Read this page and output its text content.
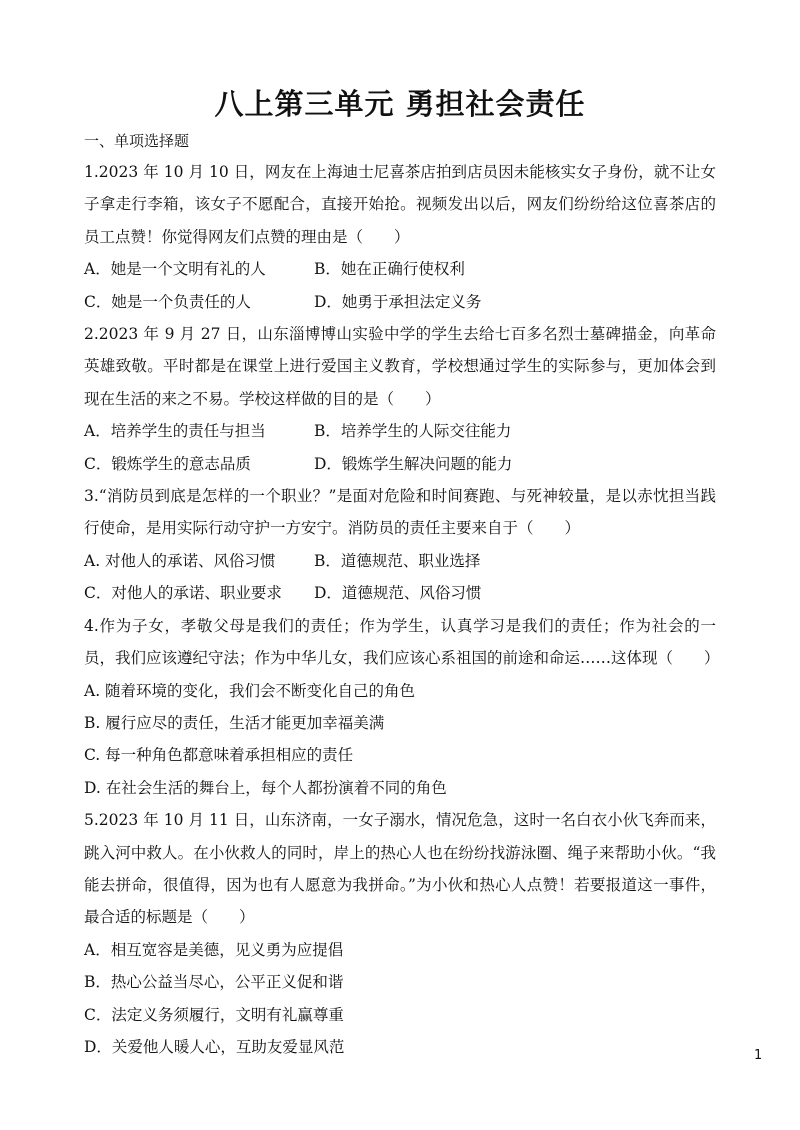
八上第三单元 勇担社会责任
一、单项选择题
1.2023 年 10 月 10 日，网友在上海迪士尼喜茶店拍到店员因未能核实女子身份，就不让女子拿走行李箱，该女子不愿配合，直接开始抢。视频发出以后，网友们纷纷给这位喜茶店的员工点赞！你觉得网友们点赞的理由是（　　）
A．她是一个文明有礼的人	B．她在正确行使权利
C．她是一个负责任的人	D．她勇于承担法定义务
2.2023 年 9 月 27 日，山东淄博博山实验中学的学生去给七百多名烈士墓碑描金，向革命英雄致敬。平时都是在课堂上进行爱国主义教育，学校想通过学生的实际参与，更加体会到现在生活的来之不易。学校这样做的目的是（　　）
A．培养学生的责任与担当	B．培养学生的人际交往能力
C．锻炼学生的意志品质	D．锻炼学生解决问题的能力
3.“消防员到底是怎样的一个职业？”是面对危险和时间赛跑、与死神较量，是以赤忱担当践行使命，是用实际行动守护一方安宁。消防员的责任主要来自于（　　）
A. 对他人的承诺、风俗习惯	B．道德规范、职业选择
C．对他人的承诺、职业要求	D．道德规范、风俗习惯
4.作为子女，孝敬父母是我们的责任；作为学生，认真学习是我们的责任；作为社会的一员，我们应该遵纪守法；作为中华儿女，我们应该心系祖国的前途和命运……这体现（　　）
A. 随着环境的变化，我们会不断变化自己的角色
B. 履行应尽的责任，生活才能更加幸福美满
C. 每一种角色都意味着承担相应的责任
D. 在社会生活的舞台上，每个人都扮演着不同的角色
5.2023 年 10 月 11 日，山东济南，一女子溺水，情况危急，这时一名白衣小伙飞奔而来，跳入河中救人。在小伙救人的同时，岸上的热心人也在纷纷找游泳圈、绳子来帮助小伙。“我能去拼命，很值得，因为也有人愿意为我拼命。”为小伙和热心人点赞！若要报道这一事件，最合适的标题是（　　）
A．相互宽容是美德，见义勇为应提倡
B．热心公益当尽心，公平正义促和谐
C．法定义务须履行，文明有礼赢尊重
D．关爱他人暖人心，互助友爱显风范	1
